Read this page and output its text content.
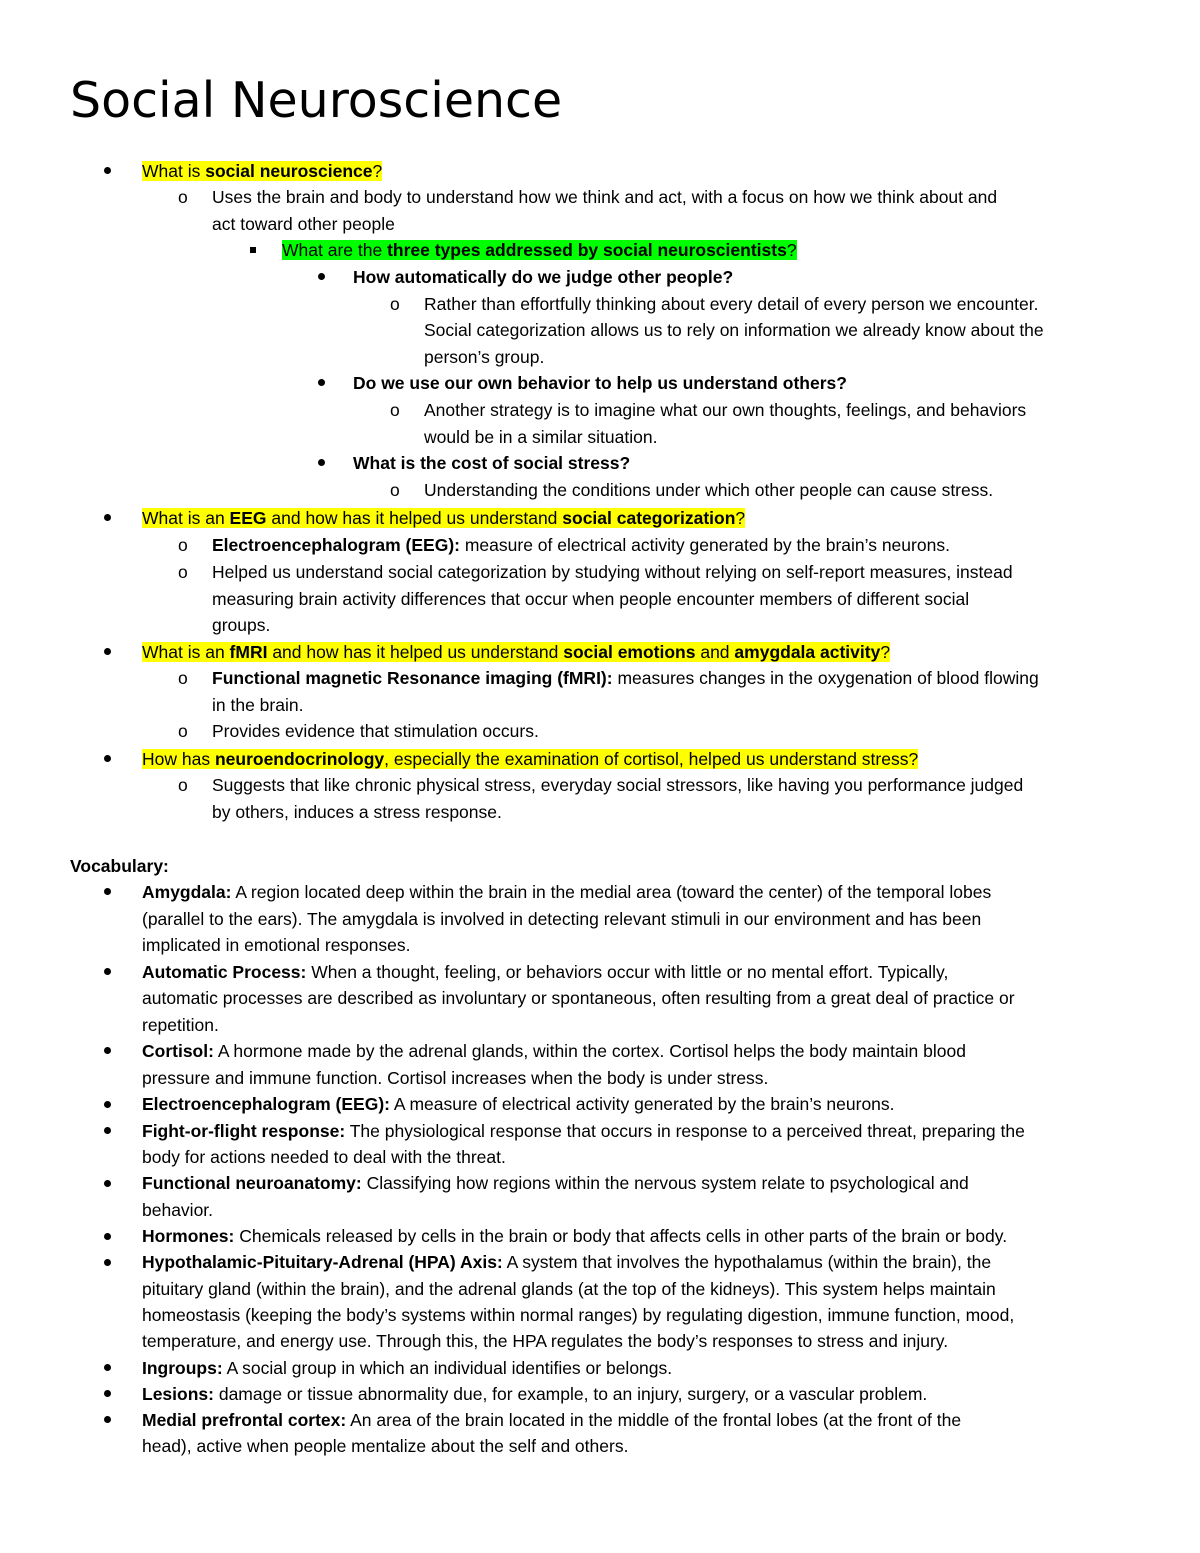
Social Neuroscience
What is social neuroscience?
o Uses the brain and body to understand how we think and act, with a focus on how we think about and
act toward other people
What are the three types addressed by social neuroscientists?
How automatically do we judge other people?
o Rather than effortfully thinking about every detail of every person we encounter.
Social categorization allows us to rely on information we already know about the
person’s group.
Do we use our own behavior to help us understand others?
o Another strategy is to imagine what our own thoughts, feelings, and behaviors
would be in a similar situation.
What is the cost of social stress?
o Understanding the conditions under which other people can cause stress.
What is an EEG and how has it helped us understand social categorization?
o Electroencephalogram (EEG): measure of electrical activity generated by the brain’s neurons.
o Helped us understand social categorization by studying without relying on self-report measures, instead
measuring brain activity differences that occur when people encounter members of different social
groups.
What is an fMRI and how has it helped us understand social emotions and amygdala activity?
o Functional magnetic Resonance imaging (fMRI): measures changes in the oxygenation of blood flowing
in the brain.
o Provides evidence that stimulation occurs.
How has neuroendocrinology, especially the examination of cortisol, helped us understand stress?
o Suggests that like chronic physical stress, everyday social stressors, like having you performance judged
by others, induces a stress response.
Vocabulary:
Amygdala: A region located deep within the brain in the medial area (toward the center) of the temporal lobes
(parallel to the ears). The amygdala is involved in detecting relevant stimuli in our environment and has been
implicated in emotional responses.
Automatic Process: When a thought, feeling, or behaviors occur with little or no mental effort. Typically,
automatic processes are described as involuntary or spontaneous, often resulting from a great deal of practice or
repetition.
Cortisol: A hormone made by the adrenal glands, within the cortex. Cortisol helps the body maintain blood
pressure and immune function. Cortisol increases when the body is under stress.
Electroencephalogram (EEG): A measure of electrical activity generated by the brain’s neurons.
Fight-or-flight response: The physiological response that occurs in response to a perceived threat, preparing the
body for actions needed to deal with the threat.
Functional neuroanatomy: Classifying how regions within the nervous system relate to psychological and
behavior.
Hormones: Chemicals released by cells in the brain or body that affects cells in other parts of the brain or body.
Hypothalamic-Pituitary-Adrenal (HPA) Axis: A system that involves the hypothalamus (within the brain), the
pituitary gland (within the brain), and the adrenal glands (at the top of the kidneys). This system helps maintain
homeostasis (keeping the body’s systems within normal ranges) by regulating digestion, immune function, mood,
temperature, and energy use. Through this, the HPA regulates the body’s responses to stress and injury.
Ingroups: A social group in which an individual identifies or belongs.
Lesions: damage or tissue abnormality due, for example, to an injury, surgery, or a vascular problem.
Medial prefrontal cortex: An area of the brain located in the middle of the frontal lobes (at the front of the
head), active when people mentalize about the self and others.
